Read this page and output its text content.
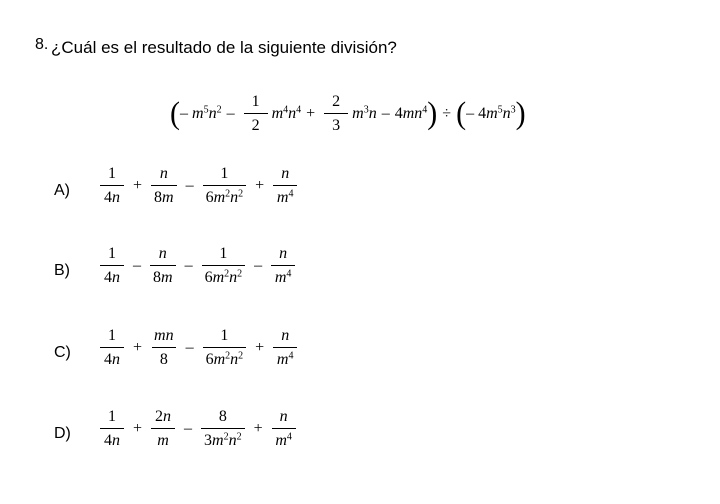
8. ¿Cuál es el resultado de la siguiente división?
( – $m^5n^2 - \frac{1}{2} m^4n^4 + \frac{2}{3} m^3n - 4mn^4$ ) ÷ ( – $4m^5n^3$ )
$A) \frac{1}{4n} + \frac{n}{8m} - \frac{1}{6m^2n^2} + \frac{n}{m^4}$
$B) \frac{1}{4n} - \frac{n}{8m} - \frac{1}{6m^2n^2} - \frac{n}{m^4}$
$C) \frac{1}{4n} + \frac{mn}{8} - \frac{1}{6m^2n^2} + \frac{n}{m^4}$
$D) \frac{1}{4n} + \frac{2n}{m} - \frac{8}{3m^2n^2} + \frac{n}{m^4}$
